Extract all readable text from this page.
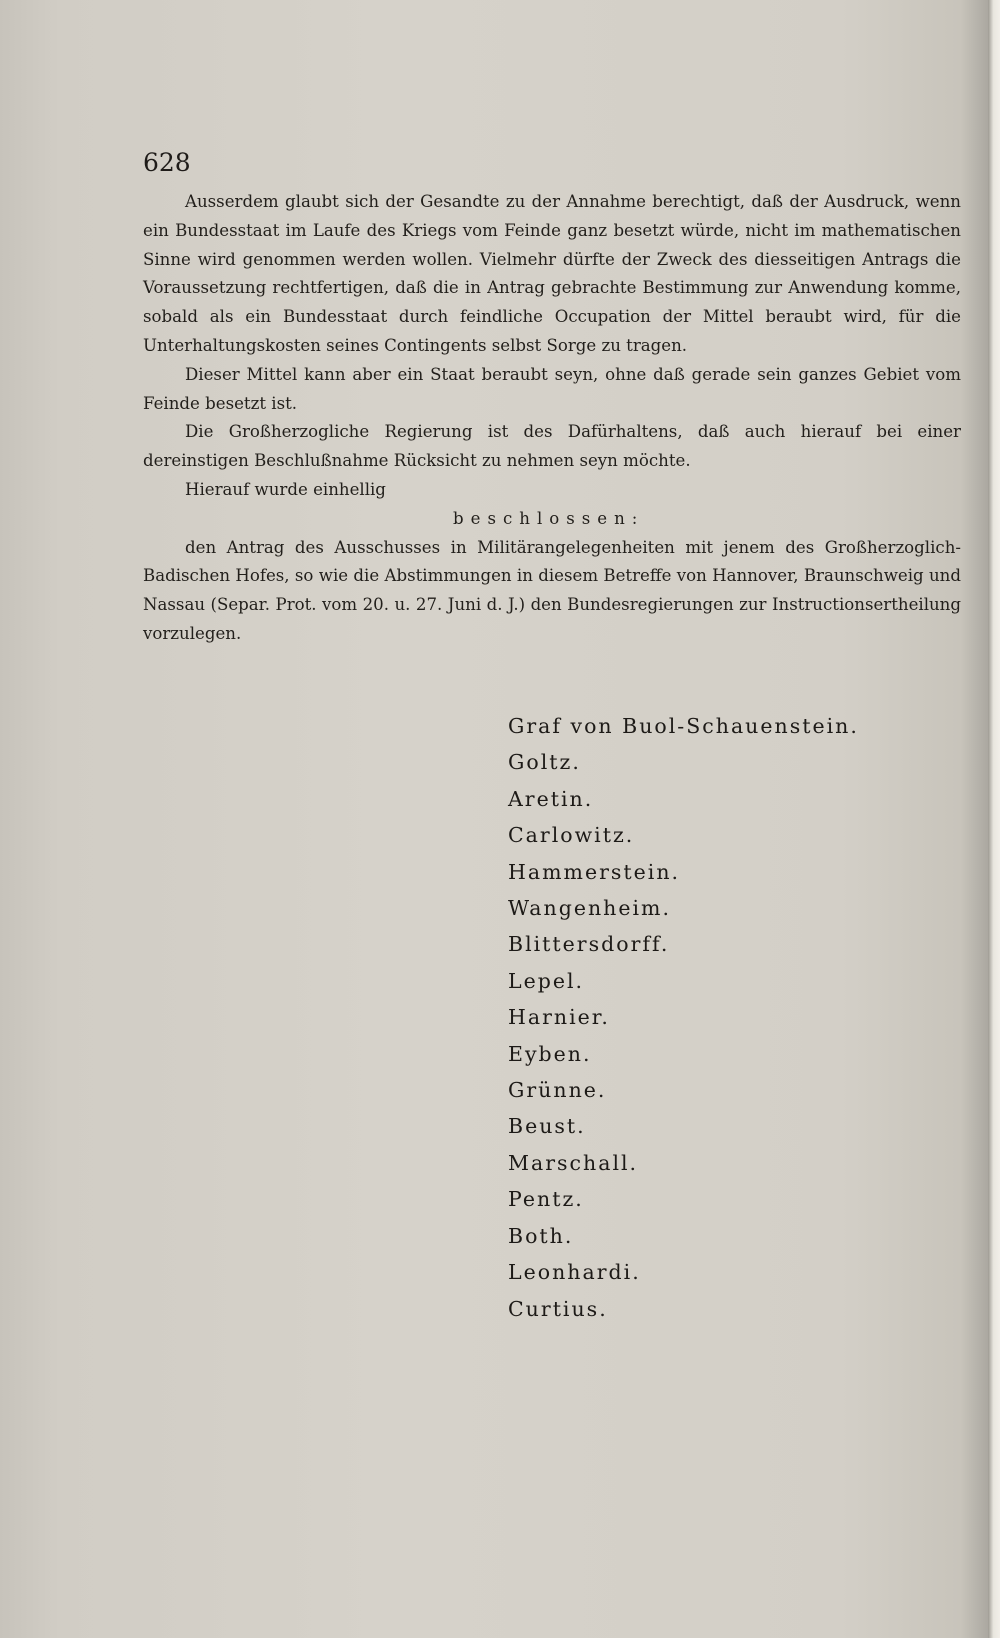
628

Ausserdem glaubt sich der Gesandte zu der Annahme berechtigt, daß der Ausdruck, wenn ein Bundesstaat im Laufe des Kriegs vom Feinde ganz besetzt würde, nicht im mathematischen Sinne wird genommen werden wollen. Vielmehr dürfte der Zweck des diesseitigen Antrags die Voraussetzung rechtfertigen, daß die in Antrag gebrachte Bestimmung zur Anwendung komme, sobald als ein Bundesstaat durch feindliche Occupation der Mittel beraubt wird, für die Unterhaltungskosten seines Contingents selbst Sorge zu tragen.

Dieser Mittel kann aber ein Staat beraubt seyn, ohne daß gerade sein ganzes Gebiet vom Feinde besetzt ist.

Die Großherzogliche Regierung ist des Dafürhaltens, daß auch hierauf bei einer dereinstigen Beschlußnahme Rücksicht zu nehmen seyn möchte.

Hierauf wurde einhellig

beschlossen:

den Antrag des Ausschusses in Militärangelegenheiten mit jenem des Großherzoglich-Badischen Hofes, so wie die Abstimmungen in diesem Betreffe von Hannover, Braunschweig und Nassau (Separ. Prot. vom 20. u. 27. Juni d. J.) den Bundesregierungen zur Instructionsertheilung vorzulegen.

Graf von Buol-Schauenstein.
Goltz.
Aretin.
Carlowitz.
Hammerstein.
Wangenheim.
Blittersdorff.
Lepel.
Harnier.
Eyben.
Grünne.
Beust.
Marschall.
Pentz.
Both.
Leonhardi.
Curtius.
